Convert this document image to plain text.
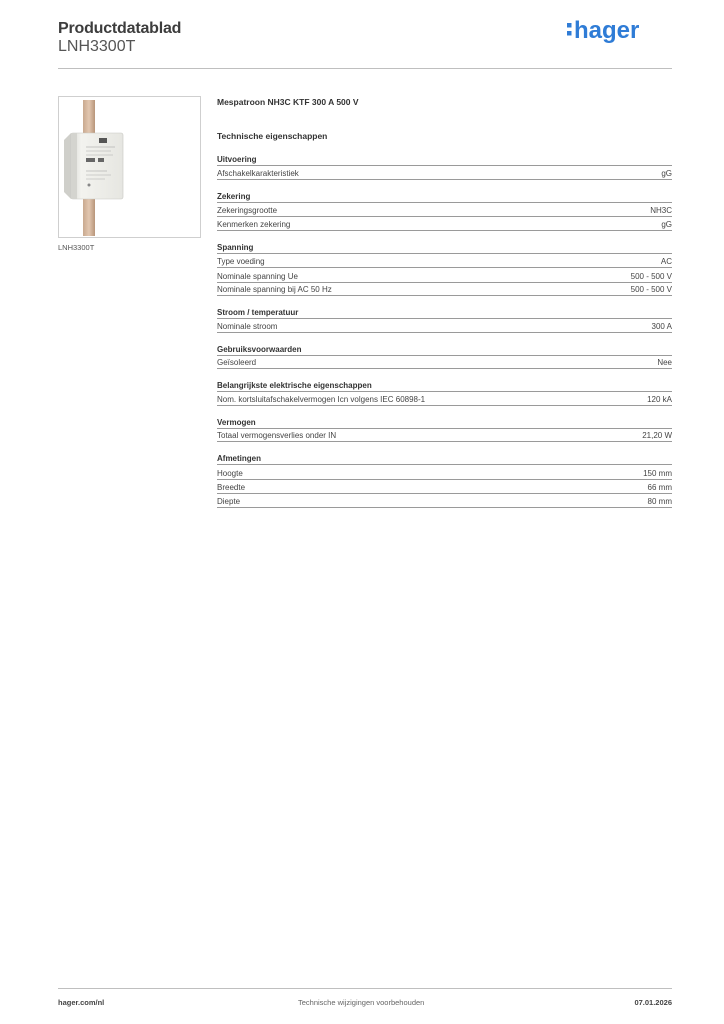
Productdatablad
LNH3300T
hager
LNH3300T
Mespatroon NH3C KTF 300 A 500 V
Technische eigenschappen
Uitvoering
Afschakelkarakteristiek	gG
Zekering
Zekeringsgrootte	NH3C
Kenmerken zekering	gG
Spanning
Type voeding	AC
Nominale spanning Ue	500 - 500 V
Nominale spanning bij AC 50 Hz	500 - 500 V
Stroom / temperatuur
Nominale stroom	300 A
Gebruiksvoorwaarden
Geïsoleerd	Nee
Belangrijkste elektrische eigenschappen
Nom. kortsluitafschakelvermogen Icn volgens IEC 60898-1	120 kA
Vermogen
Totaal vermogensverlies onder IN	21,20 W
Afmetingen
Hoogte	150 mm
Breedte	66 mm
Diepte	80 mm
hager.com/nl	Technische wijzigingen voorbehouden	07.01.2026
